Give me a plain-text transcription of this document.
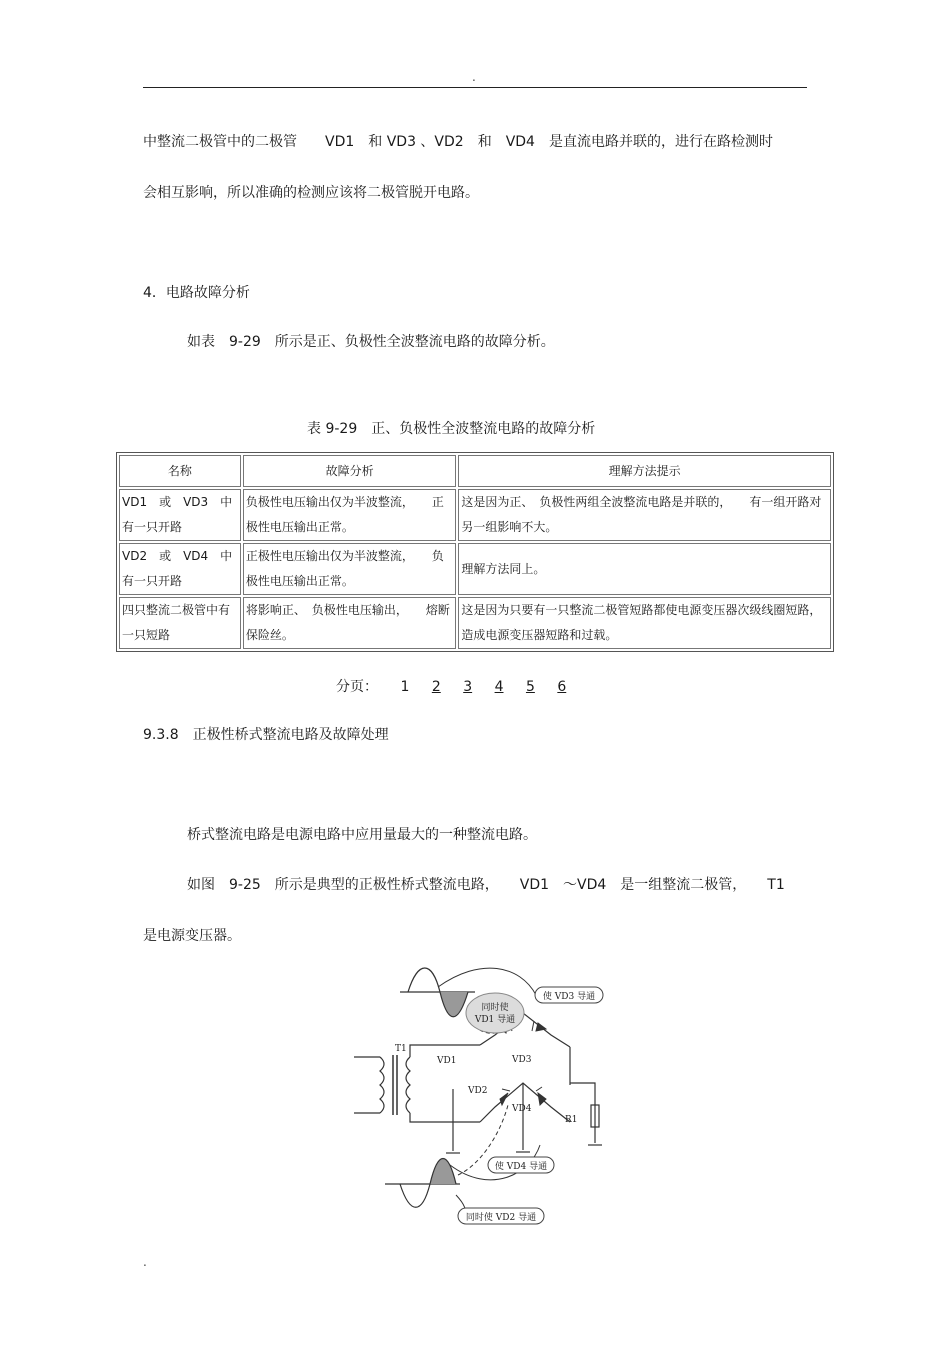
.
中整流二极管中的二极管　　VD1　和 VD3 、VD2　和　VD4　是直流电路并联的，进行在路检测时
会相互影响，所以准确的检测应该将二极管脱开电路。
4．电路故障分析
如表　9-29　所示是正、负极性全波整流电路的故障分析。
表 9-29　正、负极性全波整流电路的故障分析
名称	故障分析	理解方法提示
VD1　或　VD3　中有一只开路	负极性电压输出仅为半波整流，　　正极性电压输出正常。	这是因为正、　负极性两组全波整流电路是并联的，　　有一组开路对另一组影响不大。
VD2　或　VD4　中有一只开路	正极性电压输出仅为半波整流，　　负极性电压输出正常。	理解方法同上。
四只整流二极管中有一只短路	将影响正、　负极性电压输出，　　熔断保险丝。	这是因为只要有一只整流二极管短路都使电源变压器次级线圈短路，造成电源变压器短路和过载。
分页： 1 2 3 4 5 6
9.3.8　正极性桥式整流电路及故障处理
桥式整流电路是电源电路中应用量最大的一种整流电路。
如图　9-25　所示是典型的正极性桥式整流电路，　　VD1　～VD4　是一组整流二极管，　　T1
是电源变压器。
同时使
VD1 导通
使 VD3 导通
使 VD4 导通
同时使 VD2 导通
T1
VD1	VD3
VD2
VD4
R1
.
